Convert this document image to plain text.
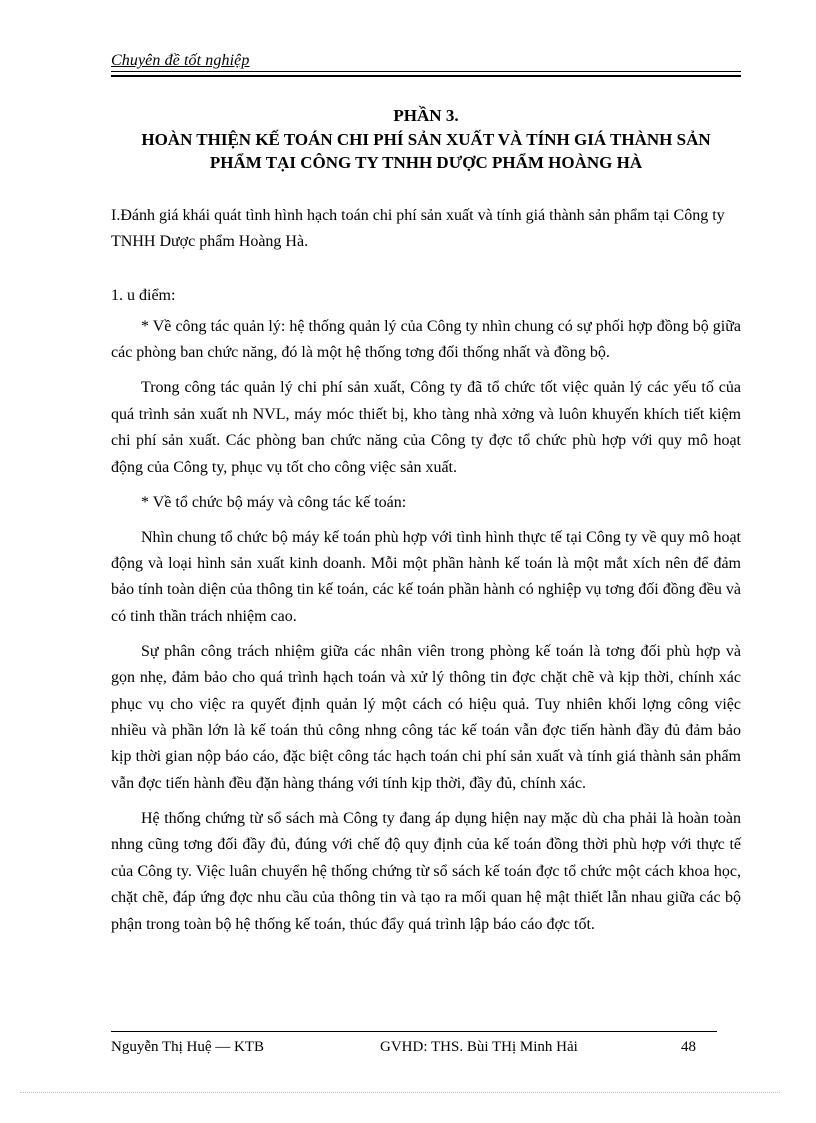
Chuyên đề tốt nghiệp
PHẦN 3.
HOÀN THIỆN KẾ TOÁN CHI PHÍ SẢN XUẤT VÀ TÍNH GIÁ THÀNH SẢN
PHẨM TẠI CÔNG TY TNHH DƯỢC PHẨM HOÀNG HÀ
I.Đánh giá khái quát tình hình hạch toán chi phí sản xuất và tính giá thành sản phẩm tại Công ty TNHH Dược phẩm Hoàng Hà.
1. u điểm:

* Về công tác quản lý: hệ thống quản lý của Công ty nhìn chung có sự phối hợp đồng bộ giữa các phòng ban chức năng, đó là một hệ thống tơng đối thống nhất và đồng bộ.

Trong công tác quản lý chi phí sản xuất, Công ty đã tổ chức tốt việc quản lý các yếu tố của quá trình sản xuất nh NVL, máy móc thiết bị, kho tàng nhà xởng và luôn khuyến khích tiết kiệm chi phí sản xuất. Các phòng ban chức năng của Công ty đợc tổ chức phù hợp với quy mô hoạt động của Công ty, phục vụ tốt cho công việc sản xuất.

* Về tổ chức bộ máy và công tác kế toán:

Nhìn chung tổ chức bộ máy kế toán phù hợp với tình hình thực tế tại Công ty về quy mô hoạt động và loại hình sản xuất kinh doanh. Mỗi một phần hành kế toán là một mắt xích nên để đảm bảo tính toàn diện của thông tin kế toán, các kế toán phần hành có nghiệp vụ tơng đối đồng đều và có tinh thần trách nhiệm cao.

Sự phân công trách nhiệm giữa các nhân viên trong phòng kế toán là tơng đối phù hợp và gọn nhẹ, đảm bảo cho quá trình hạch toán và xử lý thông tin đợc chặt chẽ và kịp thời, chính xác phục vụ cho việc ra quyết định quản lý một cách có hiệu quả. Tuy nhiên khối lợng công việc nhiều và phần lớn là kế toán thủ công nhng công tác kế toán vẫn đợc tiến hành đầy đủ đảm bảo kịp thời gian nộp báo cáo, đặc biệt công tác hạch toán chi phí sản xuất và tính giá thành sản phẩm vẫn đợc tiến hành đều đặn hàng tháng với tính kịp thời, đầy đủ, chính xác.

Hệ thống chứng từ sổ sách mà Công ty đang áp dụng hiện nay mặc dù cha phải là hoàn toàn nhng cũng tơng đối đầy đủ, đúng với chế độ quy định của kế toán đồng thời phù hợp với thực tế của Công ty. Việc luân chuyển hệ thống chứng từ sổ sách kế toán đợc tổ chức một cách khoa học, chặt chẽ, đáp ứng đợc nhu cầu của thông tin và tạo ra mối quan hệ mật thiết lẫn nhau giữa các bộ phận trong toàn bộ hệ thống kế toán, thúc đẩy quá trình lập báo cáo đợc tốt.

Nguyễn Thị Huệ — KTB	GVHD: THS. Bùi THị Minh Hải	48
